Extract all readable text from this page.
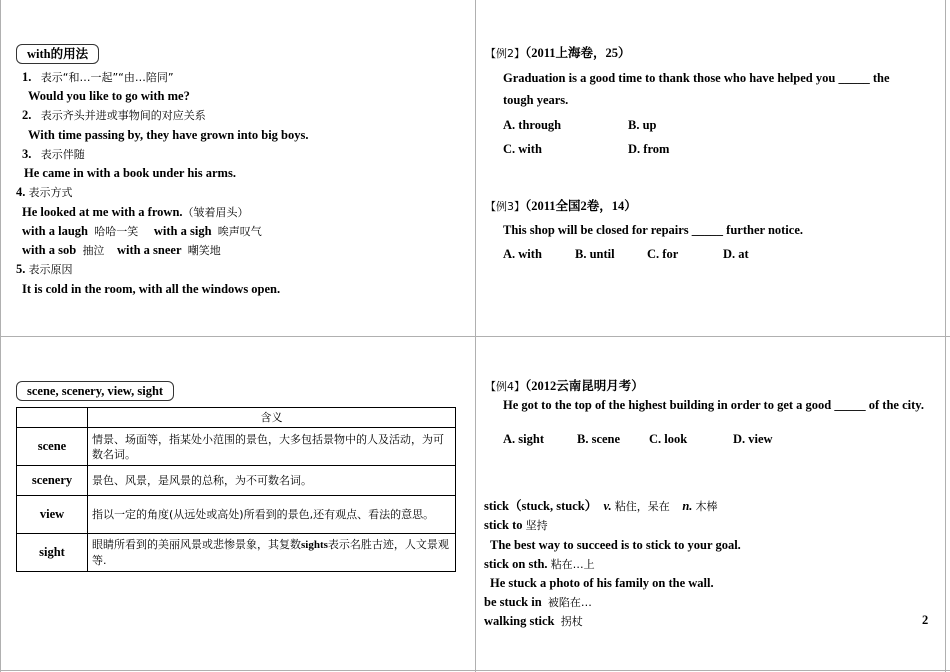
with的用法
1. 表示“和…一起”“由…陪同”
Would you like to go with me?
2. 表示齐头并进或事物间的对应关系
With time passing by, they have grown into big boys.
3. 表示伴随
He came in with a book under his arms.
4. 表示方式
He looked at me with a frown.（皱着眉头）
with a laugh 哈哈一笑 with a sigh 唉声叹气
with a sob 抽泣 with a sneer 嘲笑地
5. 表示原因
It is cold in the room, with all the windows open.
【例2】（2011上海卷，25）
Graduation is a good time to thank those who have helped you _____ the
tough years.
A. through	B. up
C. with	D. from
【例3】（2011全国2卷，14）
This shop will be closed for repairs _____ further notice.
A. with	B. until	C. for	D. at
scene, scenery, view, sight
	含义
scene	情景、场面等，指某处小范围的景色，大多包括景物中的人及活动，为可数名词。
scenery	景色、风景，是风景的总称，为不可数名词。
view	指以一定的角度(从远处或高处)所看到的景色,还有观点、看法的意思。
sight	眼睛所看到的美丽风景或悲惨景象，其复数sights表示名胜古迹，人文景观等.
【例4】（2012云南昆明月考）
He got to the top of the highest building in order to get a good _____ of the city.
A. sight	B. scene C. look	D. view
stick（stuck, stuck） v. 粘住，呆在 n. 木棒
stick to 坚持
The best way to succeed is to stick to your goal.
stick on sth. 粘在…上
He stuck a photo of his family on the wall.
be stuck in 被陷在…
walking stick 拐杖	2
